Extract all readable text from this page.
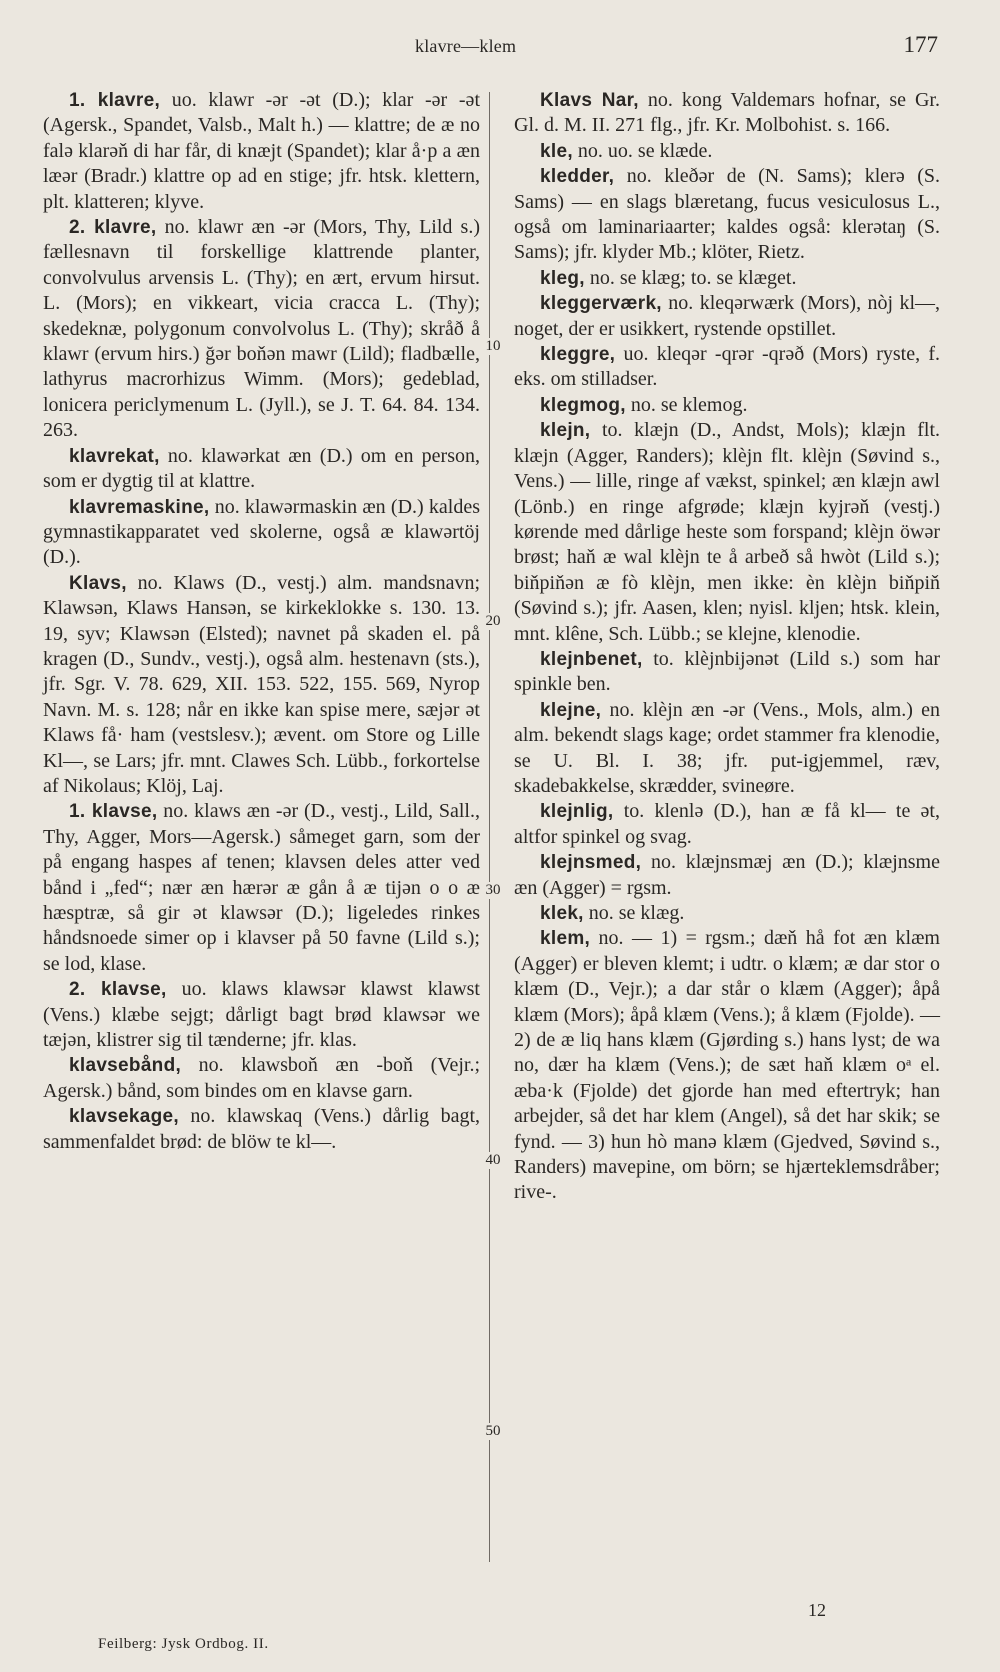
klavre—klem	177

1. klavre, uo. klawr -ər -ət (D.); klar -ər -ət (Agersk., Spandet, Valsb., Malt h.) — klattre; de æ no falə klarəň di har får, di knæjt (Spandet); klar å·p a æn læər (Bradr.) klattre op ad en stige; jfr. htsk. klettern, plt. klatteren; klyve.

2. klavre, no. klawr æn -ər (Mors, Thy, Lild s.) fællesnavn til forskellige klattrende planter, convolvulus arvensis L. (Thy); en ært, ervum hirsut. L. (Mors); en vikkeart, vicia cracca L. (Thy); skedeknæ, polygonum convolvolus L. (Thy); skråð å klawr (ervum hirs.) ğər boňən mawr (Lild); fladbælle, lathyrus macrorhizus Wimm. (Mors); gedeblad, lonicera periclymenum L. (Jyll.), se J. T. 64. 84. 134. 263.

klavrekat, no. klawərkat æn (D.) om en person, som er dygtig til at klattre.

klavremaskine, no. klawərmaskin æn (D.) kaldes gymnastikapparatet ved skolerne, også æ klawərtöj (D.).

Klavs, no. Klaws (D., vestj.) alm. mandsnavn; Klawsən, Klaws Hansən, se kirkeklokke s. 130. 13. 19, syv; Klawsən (Elsted); navnet på skaden el. på kragen (D., Sundv., vestj.), også alm. hestenavn (sts.), jfr. Sgr. V. 78. 629, XII. 153. 522, 155. 569, Nyrop Navn. M. s. 128; når en ikke kan spise mere, sæjər ət Klaws få· ham (vestslesv.); ævent. om Store og Lille Kl—, se Lars; jfr. mnt. Clawes Sch. Lübb., forkortelse af Nikolaus; Klöj, Laj.

1. klavse, no. klaws æn -ər (D., vestj., Lild, Sall., Thy, Agger, Mors—Agersk.) såmeget garn, som der på engang haspes af tenen; klavsen deles atter ved bånd i „fed“; nær æn hærər æ gån å æ tijən o o æ hæsptræ, så gir ət klawsər (D.); ligeledes rinkes håndsnoede simer op i klavser på 50 favne (Lild s.); se lod, klase.

2. klavse, uo. klaws klawsər klawst klawst (Vens.) klæbe sejgt; dårligt bagt brød klawsər we tæjən, klistrer sig til tænderne; jfr. klas.

klavsebånd, no. klawsboň æn -boň (Vejr.; Agersk.) bånd, som bindes om en klavse garn.

klavsekage, no. klawskaq (Vens.) dårlig bagt, sammenfaldet brød: de blöw te kl—.

10
20
30
40
50

Klavs Nar, no. kong Valdemars hofnar, se Gr. Gl. d. M. II. 271 flg., jfr. Kr. Molbohist. s. 166.

kle, no. uo. se klæde.

kledder, no. kleðər de (N. Sams); klerə (S. Sams) — en slags blæretang, fucus vesiculosus L., også om laminariaarter; kaldes også: klerətaŋ (S. Sams); jfr. klyder Mb.; klöter, Rietz.

kleg, no. se klæg; to. se klæget.

kleggerværk, no. kleqərwærk (Mors), nòj kl—, noget, der er usikkert, rystende opstillet.

kleggre, uo. kleqər -qrər -qrəð (Mors) ryste, f. eks. om stilladser.

klegmog, no. se klemog.

klejn, to. klæjn (D., Andst, Mols); klæjn flt. klæjn (Agger, Randers); klèjn flt. klèjn (Søvind s., Vens.) — lille, ringe af vækst, spinkel; æn klæjn awl (Lönb.) en ringe afgrøde; klæjn kyjrəň (vestj.) kørende med dårlige heste som forspand; klèjn öwər brøst; haň æ wal klèjn te å arbeð så hwòt (Lild s.); biňpiňən æ fò klèjn, men ikke: èn klèjn biňpiň (Søvind s.); jfr. Aasen, klen; nyisl. kljen; htsk. klein, mnt. klêne, Sch. Lübb.; se klejne, klenodie.

klejnbenet, to. klèjnbijənət (Lild s.) som har spinkle ben.

klejne, no. klèjn æn -ər (Vens., Mols, alm.) en alm. bekendt slags kage; ordet stammer fra klenodie, se U. Bl. I. 38; jfr. put-igjemmel, ræv, skadebakkelse, skrædder, svineøre.

klejnlig, to. klenlə (D.), han æ få kl— te ət, altfor spinkel og svag.

klejnsmed, no. klæjnsmæj æn (D.); klæjnsme æn (Agger) = rgsm.

klek, no. se klæg.

klem, no. — 1) = rgsm.; dæň hå fot æn klæm (Agger) er bleven klemt; i udtr. o klæm; æ dar stor o klæm (D., Vejr.); a dar står o klæm (Agger); åpå klæm (Mors); åpå klæm (Vens.); å klæm (Fjolde). — 2) de æ liq hans klæm (Gjørding s.) hans lyst; de wa no, dær ha klæm (Vens.); de sæt haň klæm oᵃ el. æba·k (Fjolde) det gjorde han med eftertryk; han arbejder, så det har klem (Angel), så det har skik; se fynd. — 3) hun hò manə klæm (Gjedved, Søvind s., Randers) mavepine, om börn; se hjærteklemsdråber; rive-.

Feilberg: Jysk Ordbog. II.
12
